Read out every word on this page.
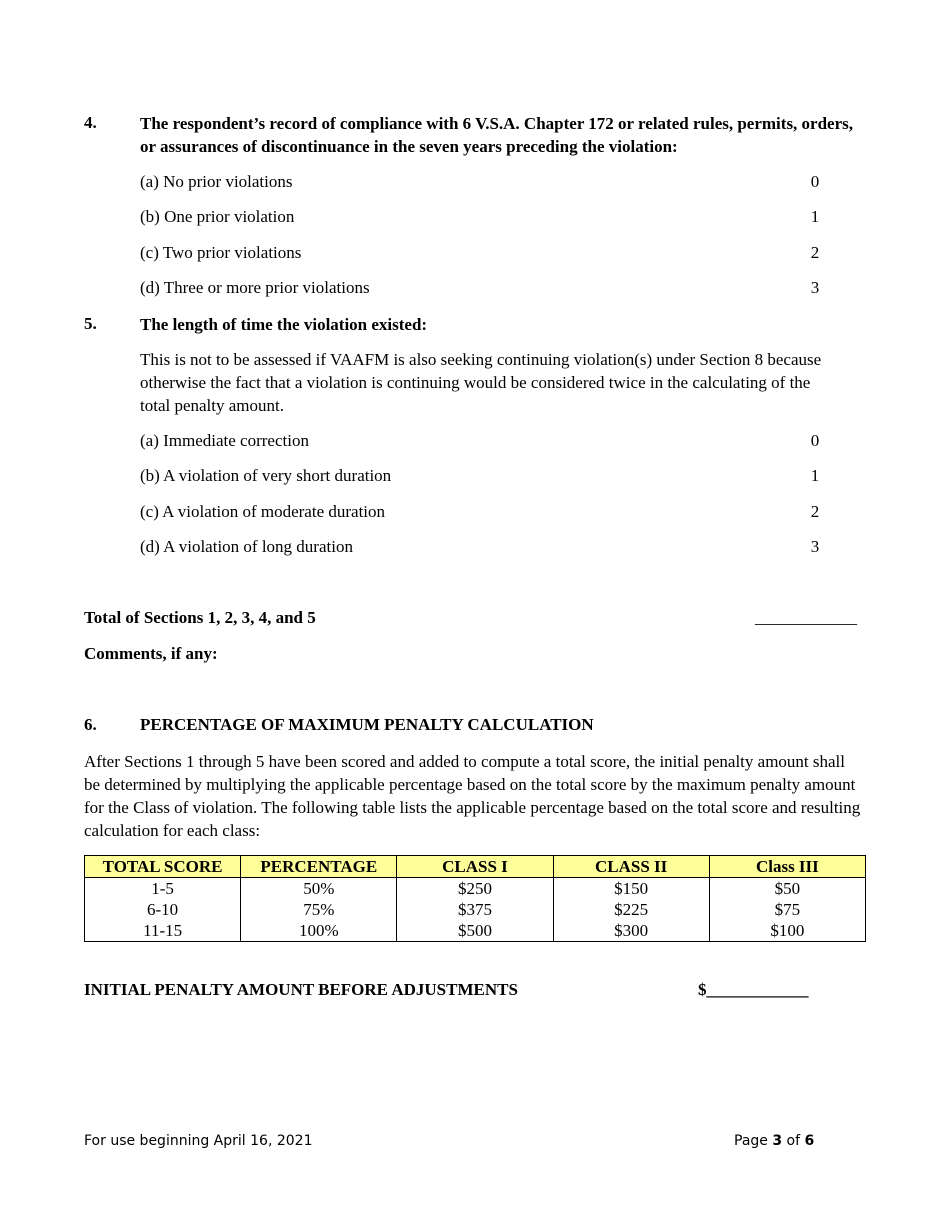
4.	The respondent’s record of compliance with 6 V.S.A. Chapter 172 or related rules, permits, orders, or assurances of discontinuance in the seven years preceding the violation:
(a) No prior violations	0
(b) One prior violation	1
(c) Two prior violations	2
(d) Three or more prior violations	3
5.	The length of time the violation existed:
This is not to be assessed if VAAFM is also seeking continuing violation(s) under Section 8 because otherwise the fact that a violation is continuing would be considered twice in the calculating of the total penalty amount.
(a) Immediate correction	0
(b) A violation of very short duration	1
(c) A violation of moderate duration	2
(d) A violation of long duration	3
Total of Sections 1, 2, 3, 4, and 5	____________
Comments, if any:
6.	PERCENTAGE OF MAXIMUM PENALTY CALCULATION
After Sections 1 through 5 have been scored and added to compute a total score, the initial penalty amount shall be determined by multiplying the applicable percentage based on the total score by the maximum penalty amount for the Class of violation. The following table lists the applicable percentage based on the total score and resulting calculation for each class:
TOTAL SCORE	PERCENTAGE	CLASS I	CLASS II	Class III
1-5	50%	$250	$150	$50
6-10	75%	$375	$225	$75
11-15	100%	$500	$300	$100
INITIAL PENALTY AMOUNT BEFORE ADJUSTMENTS	$____________
For use beginning April 16, 2021	Page 3 of 6
